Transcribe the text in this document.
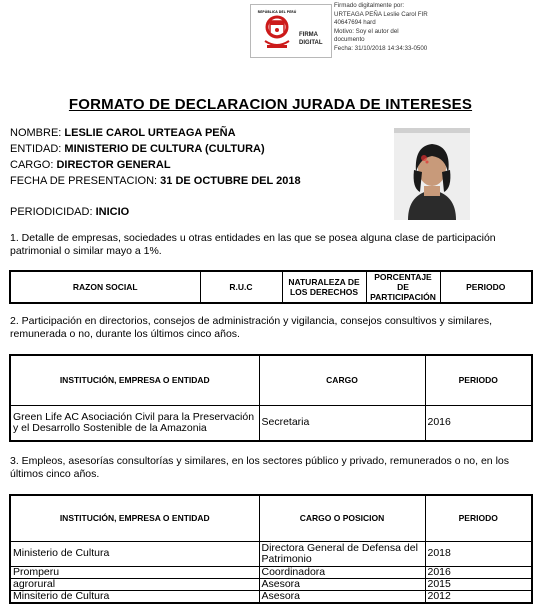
REPÚBLICA DEL PERÚ
FIRMA DIGITAL
Firmado digitalmente por:
URTEAGA PEÑA Leslie Carol FIR
40647694 hard
Motivo: Soy el autor del
documento
Fecha: 31/10/2018 14:34:33-0500
FORMATO DE DECLARACION JURADA DE INTERESES
NOMBRE: LESLIE CAROL URTEAGA PEÑA
ENTIDAD: MINISTERIO DE CULTURA (CULTURA)
CARGO: DIRECTOR GENERAL
FECHA DE PRESENTACION: 31 DE OCTUBRE DEL 2018
PERIODICIDAD: INICIO
1. Detalle de empresas, sociedades u otras entidades en las que se posea alguna clase de participación patrimonial o similar mayo a 1%.
RAZON SOCIAL	R.U.C	NATURALEZA DE LOS DERECHOS	PORCENTAJE DE PARTICIPACIÓN	PERIODO
2. Participación en directorios, consejos de administración y vigilancia, consejos consultivos y similares, remunerada o no, durante los últimos cinco años.
INSTITUCIÓN, EMPRESA O ENTIDAD	CARGO	PERIODO
Green Life AC Asociación Civil para la Preservación y el Desarrollo Sostenible de la Amazonia	Secretaria	2016
3. Empleos, asesorías consultorías y similares, en los sectores público y privado, remunerados o no, en los últimos cinco años.
INSTITUCIÓN, EMPRESA O ENTIDAD	CARGO O POSICION	PERIODO
Ministerio de Cultura	Directora General de Defensa del Patrimonio	2018
Promperu	Coordinadora	2016
agrorural	Asesora	2015
Minsiterio de Cultura	Asesora	2012
